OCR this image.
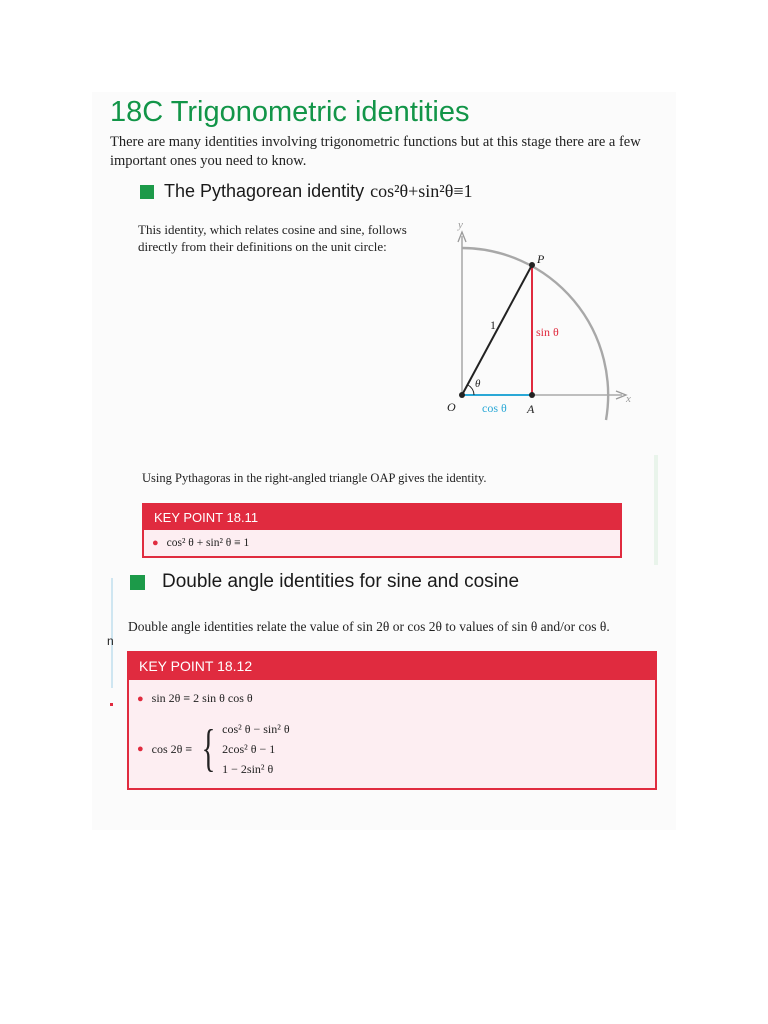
18C Trigonometric identities

There are many identities involving trigonometric functions but at this stage there are a few important ones you need to know.

The Pythagorean identity cos²θ+sin²θ≡1

This identity, which relates cosine and sine, follows directly from their definitions on the unit circle:

y
x
O	A
P
1
θ
sin θ
cos θ

Using Pythagoras in the right-angled triangle OAP gives the identity.

KEY POINT 18.11
● cos² θ + sin² θ ≡ 1
Double angle identities for sine and cosine

Double angle identities relate the value of sin 2θ or cos 2θ to values of sin θ and/or cos θ.

n
KEY POINT 18.12
● sin 2θ ≡ 2 sin θ cos θ
● cos 2θ ≡ { cos² θ − sin² θ
2cos² θ − 1
1 − 2sin² θ
